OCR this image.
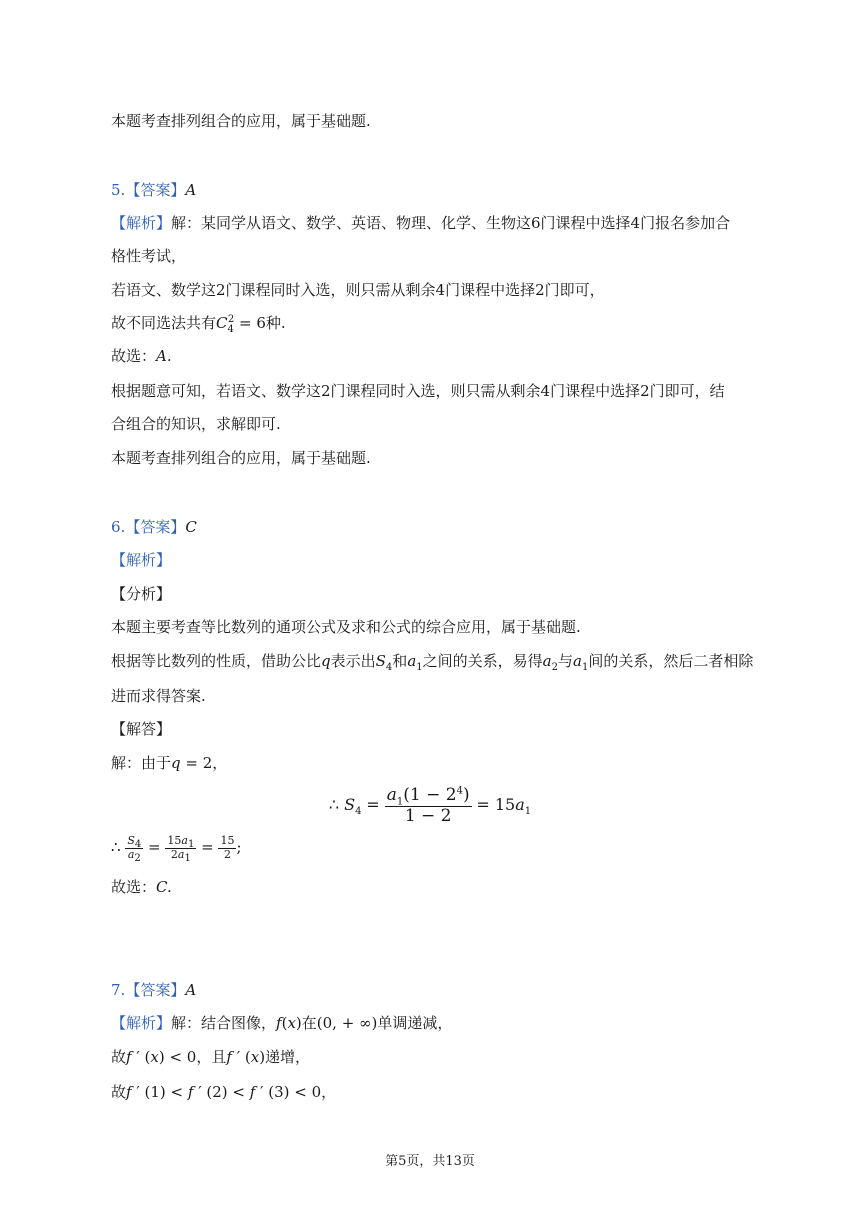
本题考查排列组合的应用，属于基础题.
5.【答案】A
【解析】解：某同学从语文、数学、英语、物理、化学、生物这6门课程中选择4门报名参加合
格性考试，
若语文、数学这2门课程同时入选，则只需从剩余4门课程中选择2门即可，
故不同选法共有$C_4^2 = 6$种.
故选：A.
根据题意可知，若语文、数学这2门课程同时入选，则只需从剩余4门课程中选择2门即可，结
合组合的知识，求解即可.
本题考查排列组合的应用，属于基础题.
6.【答案】C
【解析】
【分析】
本题主要考查等比数列的通项公式及求和公式的综合应用，属于基础题.
根据等比数列的性质，借助公比q表示出$S_4$和$a_1$之间的关系，易得$a_2$与$a_1$间的关系，然后二者相除
进而求得答案.
【解答】
解：由于q = 2，
∴ $S_4 = \frac{a_1(1 - 2^4)}{1 - 2} = 15a_1$
∴ $\frac{S_4}{a_2} = \frac{15a_1}{2a_1} = \frac{15}{2}$ ;
故选：C.
7.【答案】A
【解析】解：结合图像，f(x)在(0, + ∞)单调递减，
故f ′ (x) < 0，且f ′ (x)递增，
故f ′ (1) < f ′ (2) < f ′ (3) < 0，
第5页，共13页
